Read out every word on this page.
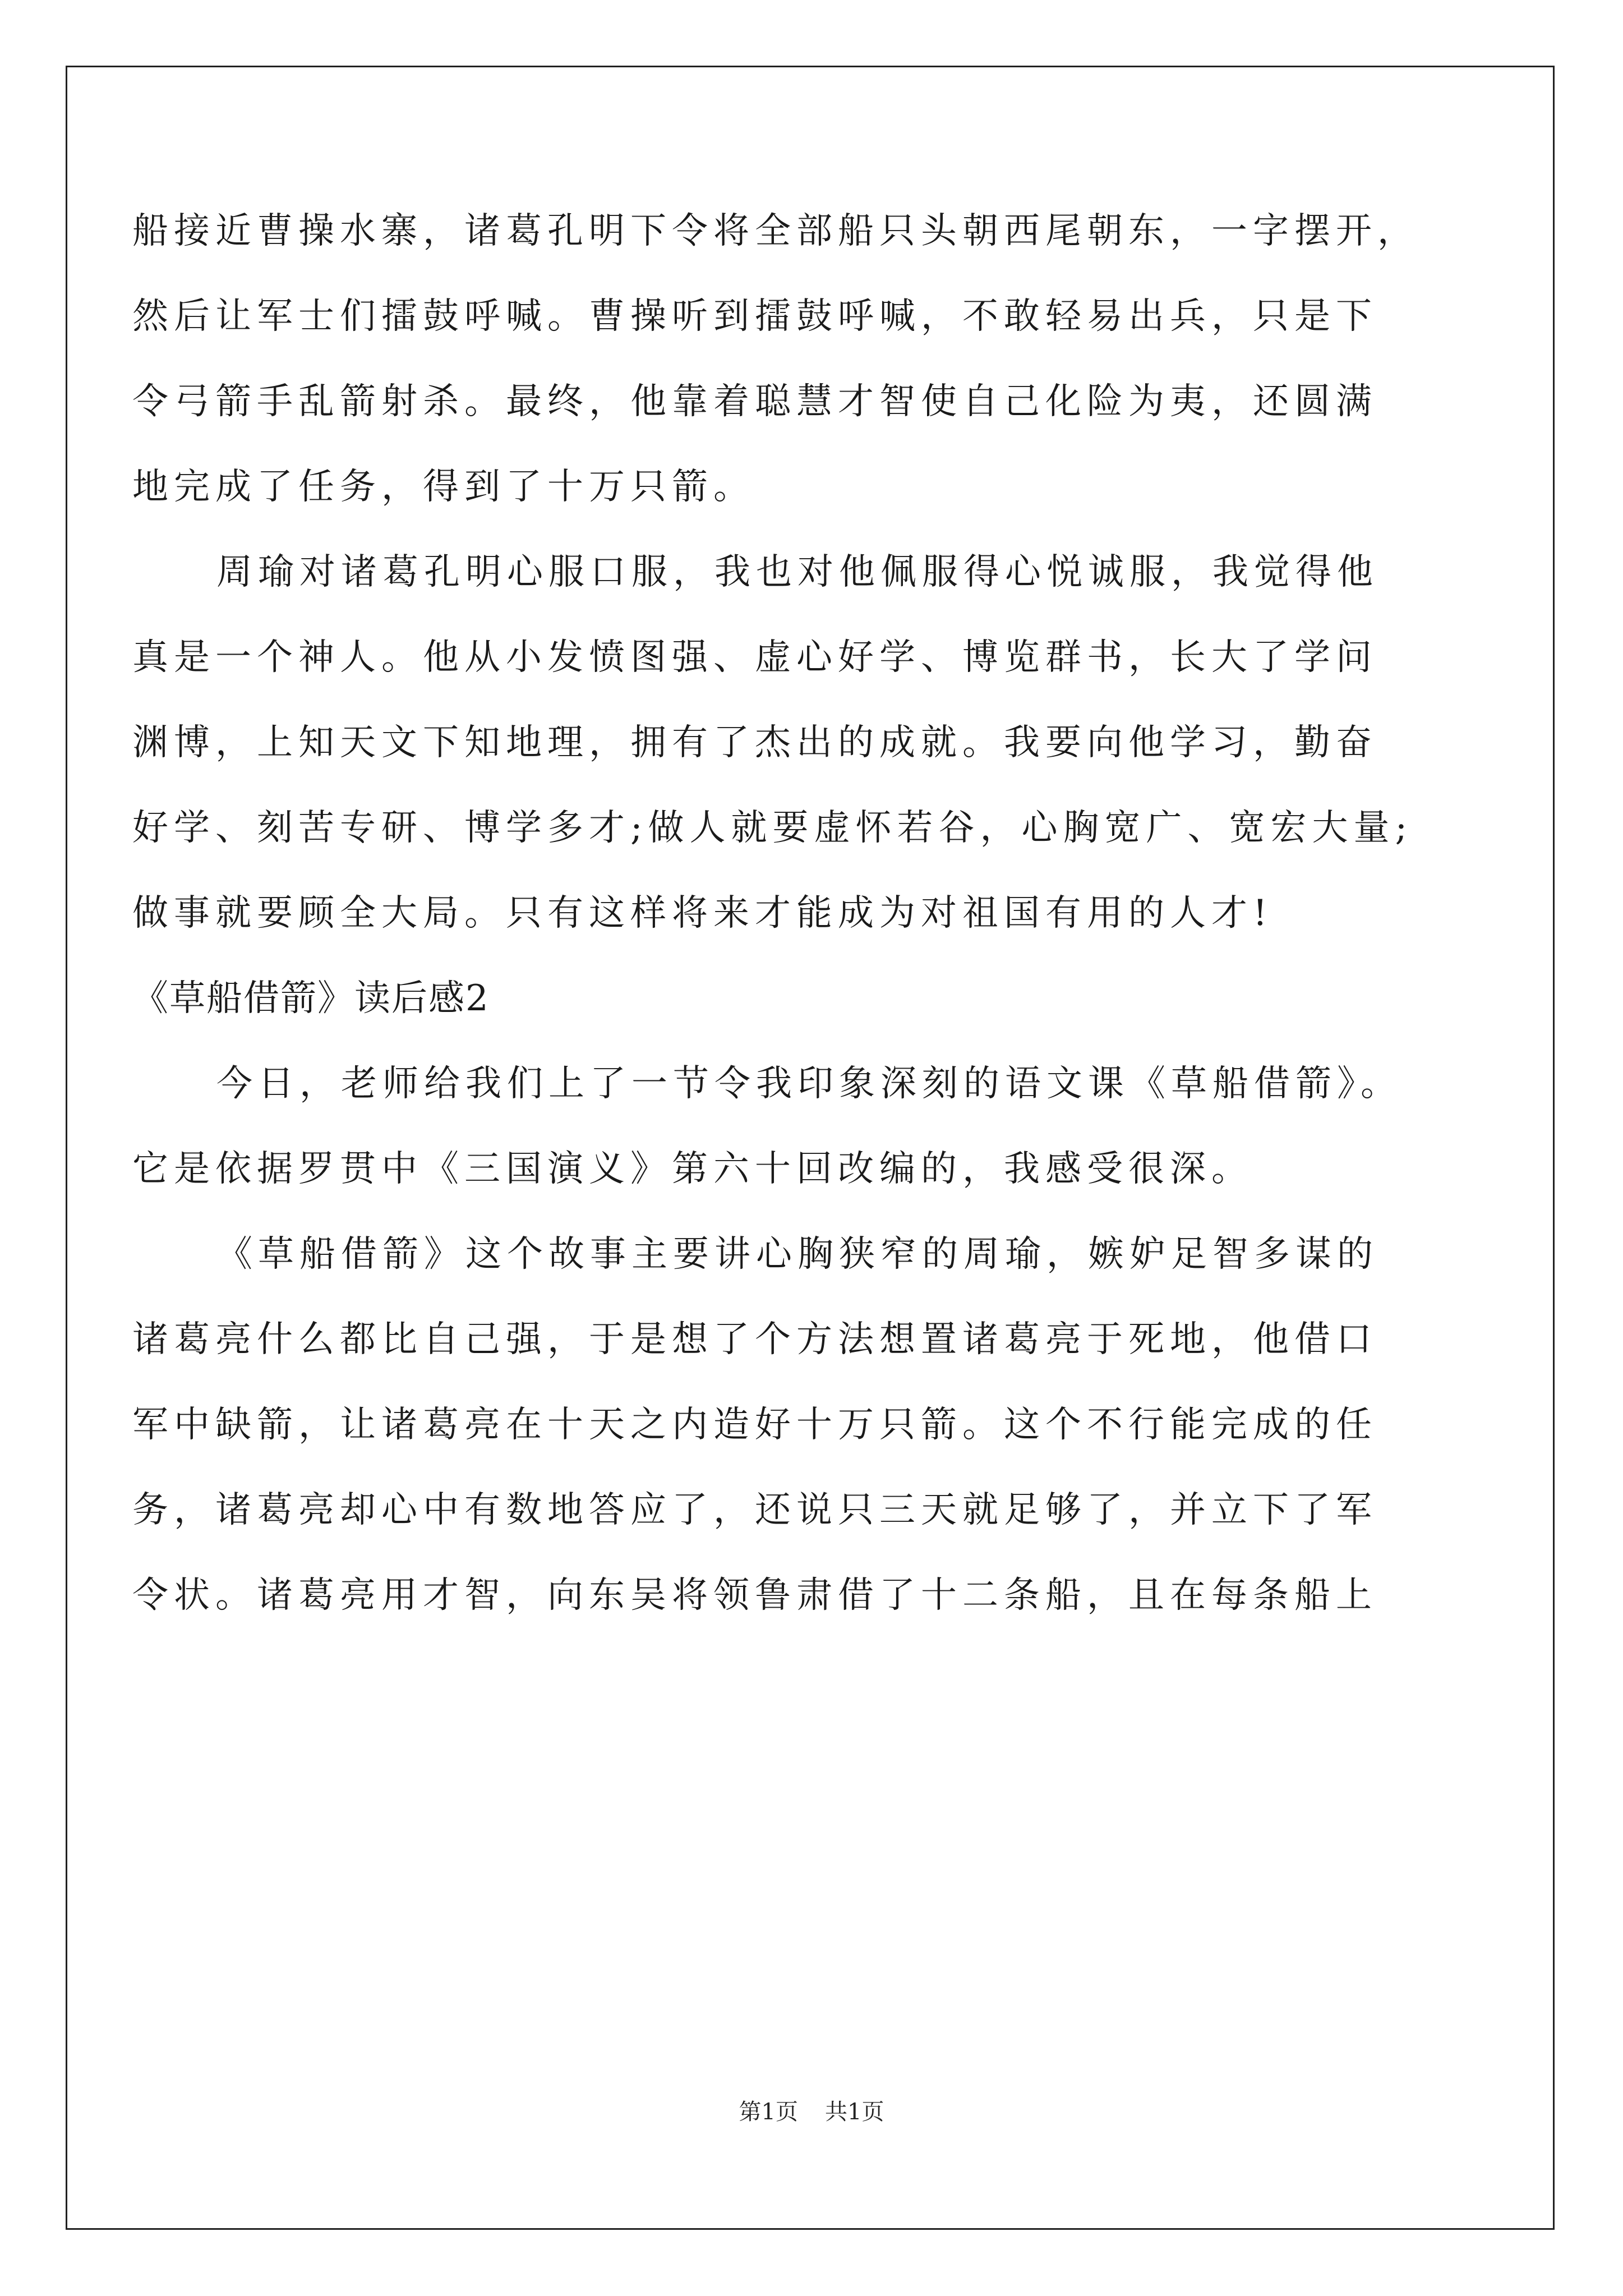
船接近曹操水寨，诸葛孔明下令将全部船只头朝西尾朝东，一字摆开，
然后让军士们擂鼓呼喊。曹操听到擂鼓呼喊，不敢轻易出兵，只是下
令弓箭手乱箭射杀。最终，他靠着聪慧才智使自己化险为夷，还圆满
地完成了任务，得到了十万只箭。
周瑜对诸葛孔明心服口服，我也对他佩服得心悦诚服，我觉得他
真是一个神人。他从小发愤图强、虚心好学、博览群书，长大了学问
渊博，上知天文下知地理，拥有了杰出的成就。我要向他学习，勤奋
好学、刻苦专研、博学多才;做人就要虚怀若谷，心胸宽广、宽宏大量;
做事就要顾全大局。只有这样将来才能成为对祖国有用的人才!
《草船借箭》读后感2
今日，老师给我们上了一节令我印象深刻的语文课《草船借箭》。
它是依据罗贯中《三国演义》第六十回改编的，我感受很深。
《草船借箭》这个故事主要讲心胸狭窄的周瑜，嫉妒足智多谋的
诸葛亮什么都比自己强，于是想了个方法想置诸葛亮于死地，他借口
军中缺箭，让诸葛亮在十天之内造好十万只箭。这个不行能完成的任
务，诸葛亮却心中有数地答应了，还说只三天就足够了，并立下了军
令状。诸葛亮用才智，向东吴将领鲁肃借了十二条船，且在每条船上
第1页 共1页
